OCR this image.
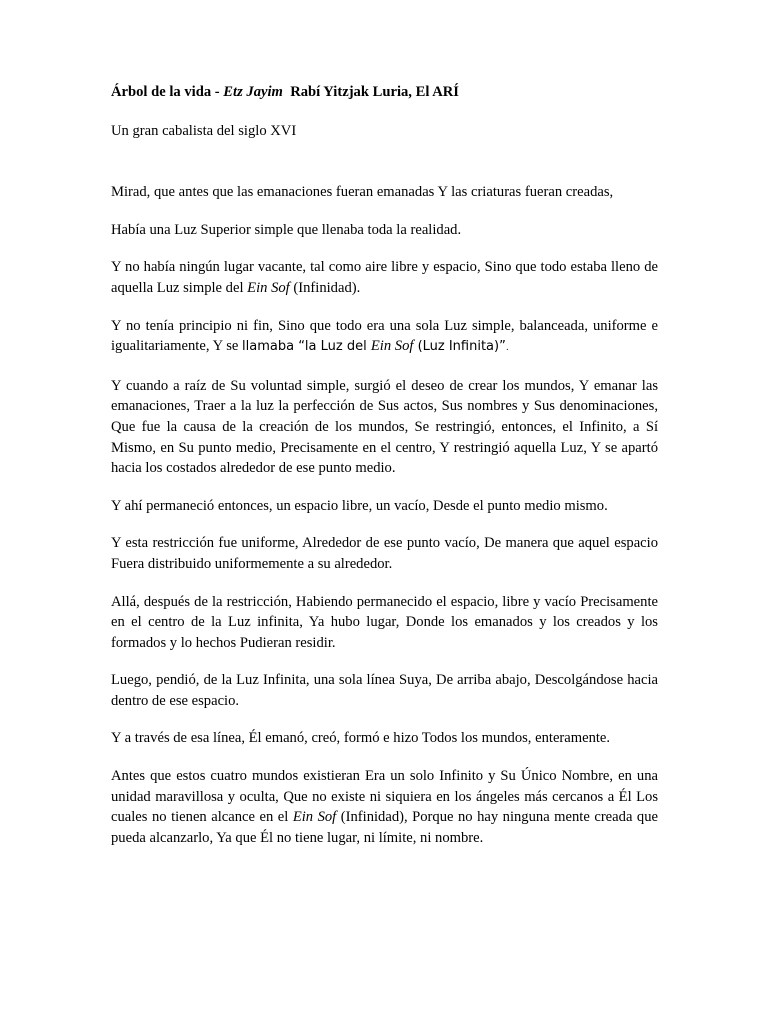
Árbol de la vida - Etz Jayim  Rabí Yitzjak Luria, El ARÍ

Un gran cabalista del siglo XVI

Mirad, que antes que las emanaciones fueran emanadas Y las criaturas fueran creadas,

Había una Luz Superior simple que llenaba toda la realidad.

Y no había ningún lugar vacante, tal como aire libre y espacio, Sino que todo estaba lleno de aquella Luz simple del Ein Sof (Infinidad).

Y no tenía principio ni fin, Sino que todo era una sola Luz simple, balanceada, uniforme e igualitariamente, Y se llamaba “la Luz del Ein Sof (Luz Infinita)”.

Y cuando a raíz de Su voluntad simple, surgió el deseo de crear los mundos, Y emanar las emanaciones, Traer a la luz la perfección de Sus actos, Sus nombres y Sus denominaciones, Que fue la causa de la creación de los mundos, Se restringió, entonces, el Infinito, a Sí Mismo, en Su punto medio, Precisamente en el centro, Y restringió aquella Luz, Y se apartó hacia los costados alrededor de ese punto medio.

Y ahí permaneció entonces, un espacio libre, un vacío, Desde el punto medio mismo.

Y esta restricción fue uniforme, Alrededor de ese punto vacío, De manera que aquel espacio Fuera distribuido uniformemente a su alrededor.

Allá, después de la restricción, Habiendo permanecido el espacio, libre y vacío Precisamente en el centro de la Luz infinita, Ya hubo lugar, Donde los emanados y los creados y los formados y lo hechos Pudieran residir.

Luego, pendió, de la Luz Infinita, una sola línea Suya, De arriba abajo, Descolgándose hacia dentro de ese espacio.

Y a través de esa línea, Él emanó, creó, formó e hizo Todos los mundos, enteramente.

Antes que estos cuatro mundos existieran Era un solo Infinito y Su Único Nombre, en una unidad maravillosa y oculta, Que no existe ni siquiera en los ángeles más cercanos a Él Los cuales no tienen alcance en el Ein Sof (Infinidad), Porque no hay ninguna mente creada que pueda alcanzarlo, Ya que Él no tiene lugar, ni límite, ni nombre.
